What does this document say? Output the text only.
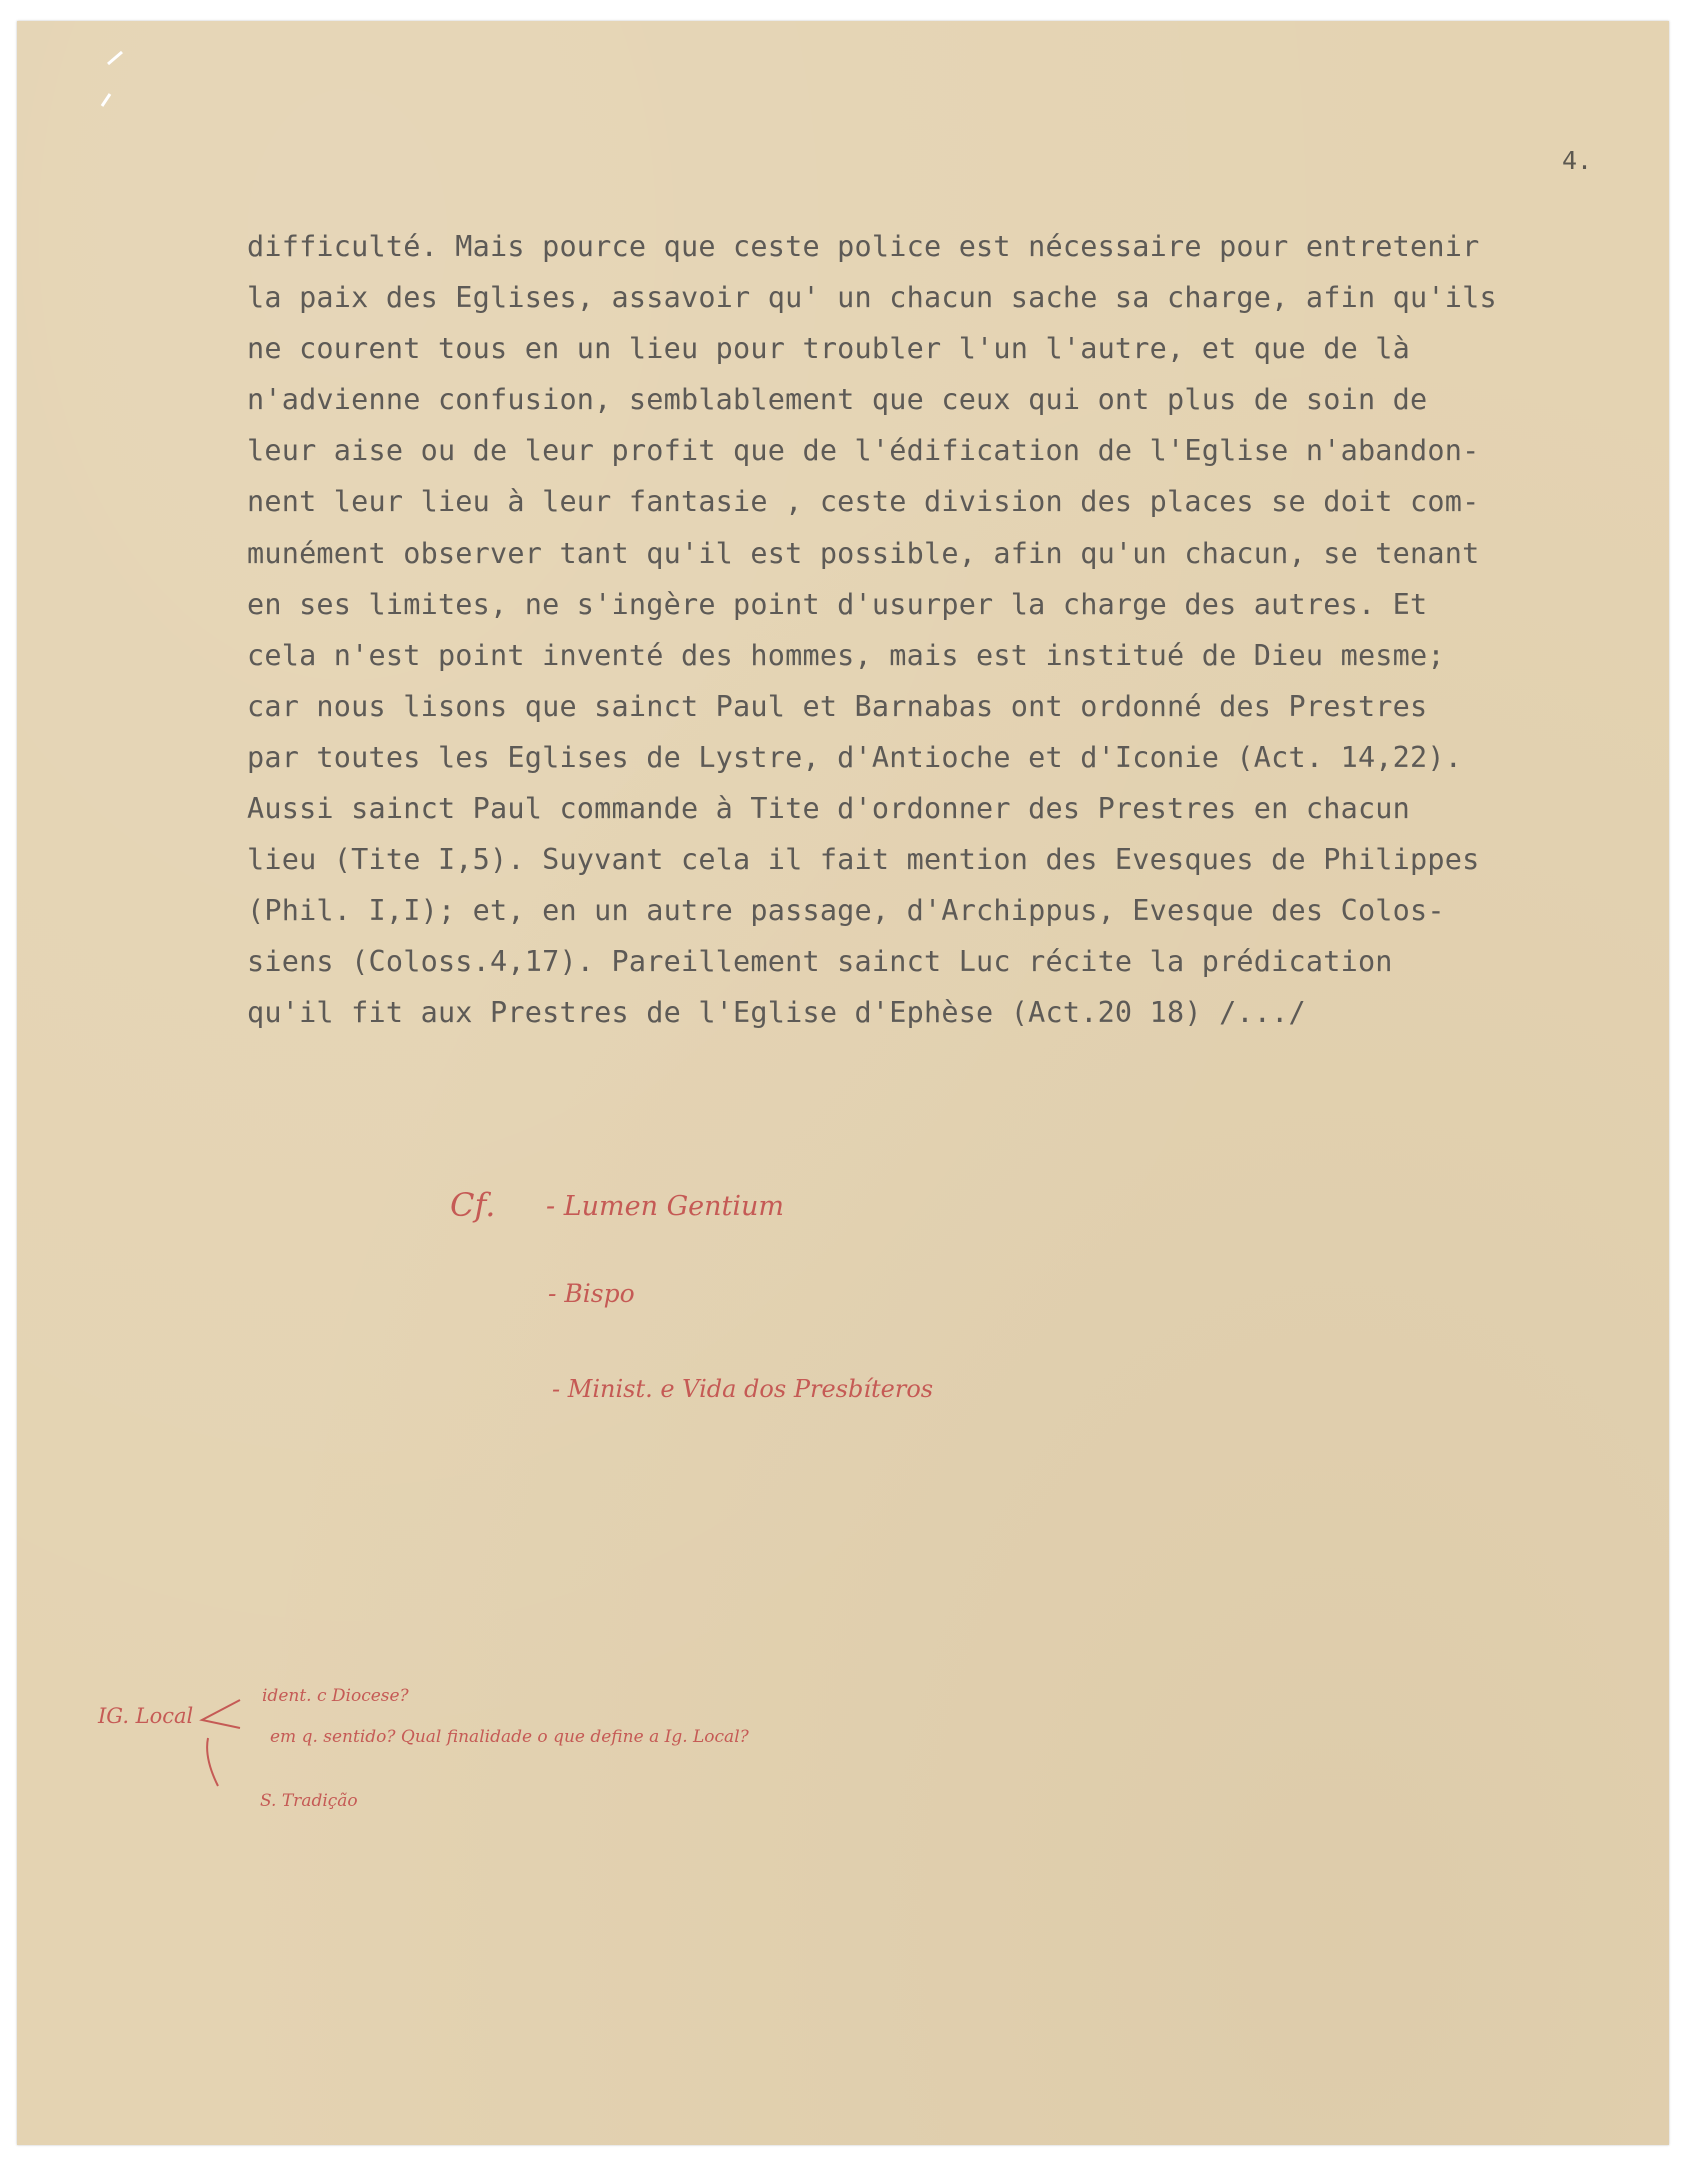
4.
difficulté. Mais pource que ceste police est nécessaire pour entretenir
la paix des Eglises, assavoir qu' un chacun sache sa charge, afin qu'ils
ne courent tous en un lieu pour troubler l'un l'autre, et que de là
n'advienne confusion, semblablement que ceux qui ont plus de soin de
leur aise ou de leur profit que de l'édification de l'Eglise n'abandon-
nent leur lieu à leur fantasie , ceste division des places se doit com-
munément observer tant qu'il est possible, afin qu'un chacun, se tenant
en ses limites, ne s'ingère point d'usurper la charge des autres. Et
cela n'est point inventé des hommes, mais est institué de Dieu mesme;
car nous lisons que sainct Paul et Barnabas ont ordonné des Prestres
par toutes les Eglises de Lystre, d'Antioche et d'Iconie (Act. 14,22).
Aussi sainct Paul commande à Tite d'ordonner des Prestres en chacun
lieu (Tite I,5). Suyvant cela il fait mention des Evesques de Philippes
(Phil. I,I); et, en un autre passage, d'Archippus, Evesque des Colos-
siens (Coloss.4,17). Pareillement sainct Luc récite la prédication
qu'il fit aux Prestres de l'Eglise d'Ephèse (Act.20 18) /.../
Cf. - Lumen Gentium
- Bispo
- Minist. e Vida dos Presbíteros
IG. Local
ident. c Diocese?
em q. sentido? Qual finalidade o que define a Ig. Local?
S. Tradição
